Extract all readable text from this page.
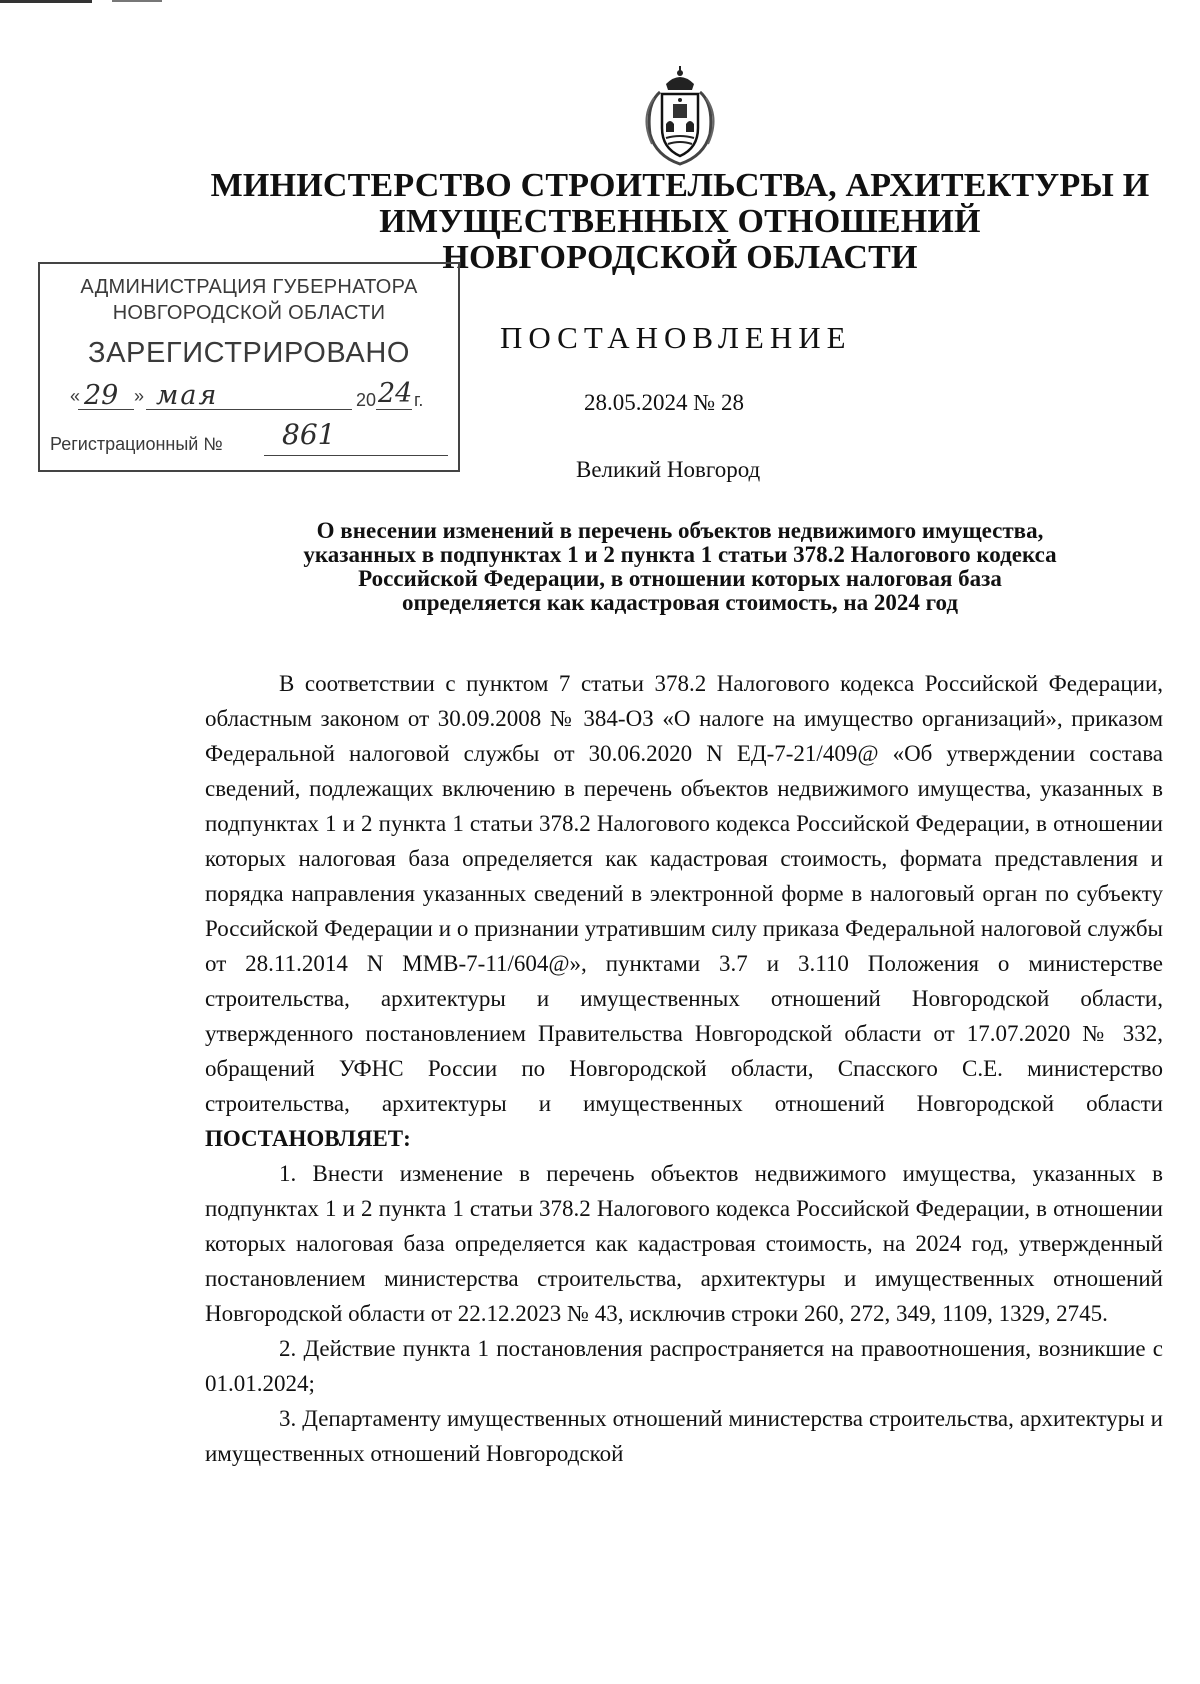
МИНИСТЕРСТВО СТРОИТЕЛЬСТВА, АРХИТЕКТУРЫ И
ИМУЩЕСТВЕННЫХ ОТНОШЕНИЙ
НОВГОРОДСКОЙ ОБЛАСТИ
АДМИНИСТРАЦИЯ ГУБЕРНАТОРА
НОВГОРОДСКОЙ ОБЛАСТИ
ЗАРЕГИСТРИРОВАНО
« 29 » мая	20 24 г.
Регистрационный № 861
ПОСТАНОВЛЕНИЕ
28.05.2024 № 28
Великий Новгород
О внесении изменений в перечень объектов недвижимого имущества,
указанных в подпунктах 1 и 2 пункта 1 статьи 378.2 Налогового кодекса
Российской Федерации, в отношении которых налоговая база
определяется как кадастровая стоимость, на 2024 год

В соответствии с пунктом 7 статьи 378.2 Налогового кодекса Российской Федерации, областным законом от 30.09.2008 № 384-ОЗ «О налоге на имущество организаций», приказом Федеральной налоговой службы от 30.06.2020 N ЕД-7-21/409@ «Об утверждении состава сведений, подлежащих включению в перечень объектов недвижимого имущества, указанных в подпунктах 1 и 2 пункта 1 статьи 378.2 Налогового кодекса Российской Федерации, в отношении которых налоговая база определяется как кадастровая стоимость, формата представления и порядка направления указанных сведений в электронной форме в налоговый орган по субъекту Российской Федерации и о признании утратившим силу приказа Федеральной налоговой службы от 28.11.2014 N ММВ-7-11/604@», пунктами 3.7 и 3.110 Положения о министерстве строительства, архитектуры и имущественных отношений Новгородской области, утвержденного постановлением Правительства Новгородской области от 17.07.2020 № 332, обращений УФНС России по Новгородской области, Спасского С.Е. министерство строительства, архитектуры и имущественных отношений Новгородской области ПОСТАНОВЛЯЕТ:

1. Внести изменение в перечень объектов недвижимого имущества, указанных в подпунктах 1 и 2 пункта 1 статьи 378.2 Налогового кодекса Российской Федерации, в отношении которых налоговая база определяется как кадастровая стоимость, на 2024 год, утвержденный постановлением министерства строительства, архитектуры и имущественных отношений Новгородской области от 22.12.2023 № 43, исключив строки 260, 272, 349, 1109, 1329, 2745.

2. Действие пункта 1 постановления распространяется на правоотношения, возникшие с 01.01.2024;

3. Департаменту имущественных отношений министерства строительства, архитектуры и имущественных отношений Новгородской
